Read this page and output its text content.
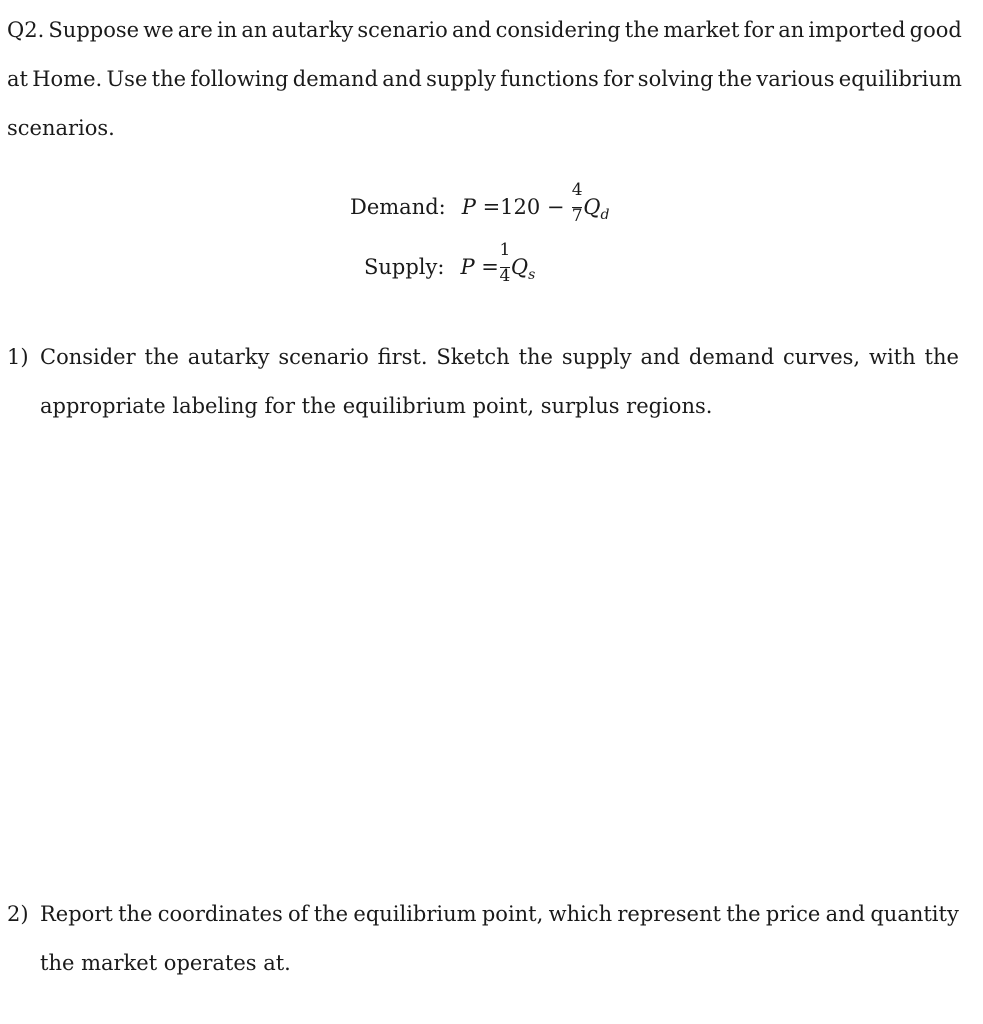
Q2. Suppose we are in an autarky scenario and considering the market for an imported good
at Home. Use the following demand and supply functions for solving the various equilibrium
scenarios.
Demand: $P =120 - \frac{4}{7} Q_d$
Supply: $P = \frac{1}{4} Q_s$
1) Consider the autarky scenario first. Sketch the supply and demand curves, with the
appropriate labeling for the equilibrium point, surplus regions.
2) Report the coordinates of the equilibrium point, which represent the price and quantity
the market operates at.
